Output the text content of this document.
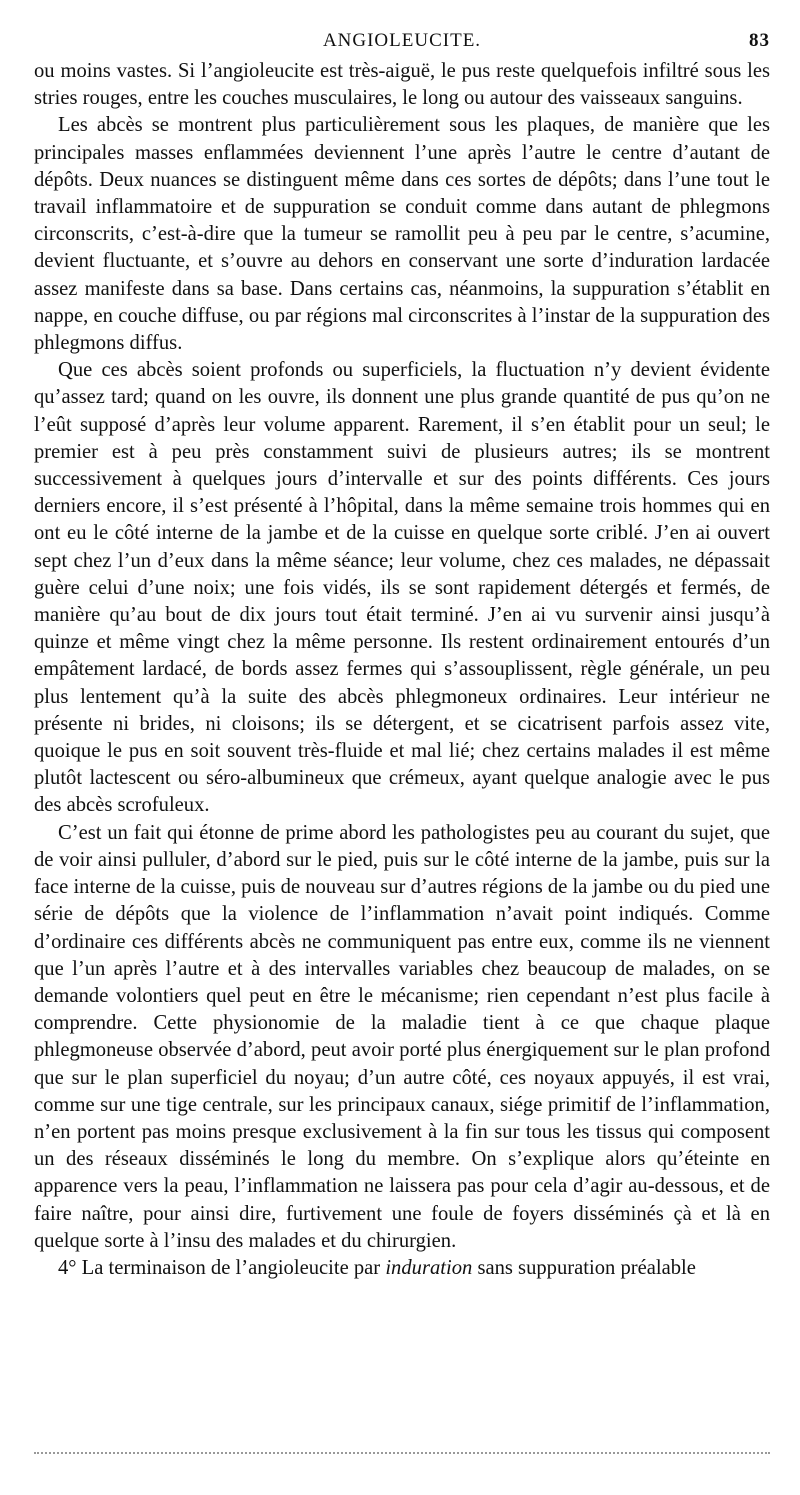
ANGIOLEUCITE.	83

ou moins vastes. Si l’angioleucite est très-aiguë, le pus reste quelquefois infiltré sous les stries rouges, entre les couches musculaires, le long ou autour des vaisseaux sanguins.

Les abcès se montrent plus particulièrement sous les plaques, de manière que les principales masses enflammées deviennent l’une après l’autre le centre d’autant de dépôts. Deux nuances se distinguent même dans ces sortes de dépôts; dans l’une tout le travail inflammatoire et de suppuration se conduit comme dans autant de phlegmons circonscrits, c’est-à-dire que la tumeur se ramollit peu à peu par le centre, s’acumine, devient fluctuante, et s’ouvre au dehors en conservant une sorte d’induration lardacée assez manifeste dans sa base. Dans certains cas, néanmoins, la suppuration s’établit en nappe, en couche diffuse, ou par régions mal circonscrites à l’instar de la suppuration des phlegmons diffus.

Que ces abcès soient profonds ou superficiels, la fluctuation n’y devient évidente qu’assez tard; quand on les ouvre, ils donnent une plus grande quantité de pus qu’on ne l’eût supposé d’après leur volume apparent. Rarement, il s’en établit pour un seul; le premier est à peu près constamment suivi de plusieurs autres; ils se montrent successivement à quelques jours d’intervalle et sur des points différents. Ces jours derniers encore, il s’est présenté à l’hôpital, dans la même semaine trois hommes qui en ont eu le côté interne de la jambe et de la cuisse en quelque sorte criblé. J’en ai ouvert sept chez l’un d’eux dans la même séance; leur volume, chez ces malades, ne dépassait guère celui d’une noix; une fois vidés, ils se sont rapidement détergés et fermés, de manière qu’au bout de dix jours tout était terminé. J’en ai vu survenir ainsi jusqu’à quinze et même vingt chez la même personne. Ils restent ordinairement entourés d’un empâtement lardacé, de bords assez fermes qui s’assouplissent, règle générale, un peu plus lentement qu’à la suite des abcès phlegmoneux ordinaires. Leur intérieur ne présente ni brides, ni cloisons; ils se détergent, et se cicatrisent parfois assez vite, quoique le pus en soit souvent très-fluide et mal lié; chez certains malades il est même plutôt lactescent ou séro-albumineux que crémeux, ayant quelque analogie avec le pus des abcès scrofuleux.

C’est un fait qui étonne de prime abord les pathologistes peu au courant du sujet, que de voir ainsi pulluler, d’abord sur le pied, puis sur le côté interne de la jambe, puis sur la face interne de la cuisse, puis de nouveau sur d’autres régions de la jambe ou du pied une série de dépôts que la violence de l’inflammation n’avait point indiqués. Comme d’ordinaire ces différents abcès ne communiquent pas entre eux, comme ils ne viennent que l’un après l’autre et à des intervalles variables chez beaucoup de malades, on se demande volontiers quel peut en être le mécanisme; rien cependant n’est plus facile à comprendre. Cette physionomie de la maladie tient à ce que chaque plaque phlegmoneuse observée d’abord, peut avoir porté plus énergiquement sur le plan profond que sur le plan superficiel du noyau; d’un autre côté, ces noyaux appuyés, il est vrai, comme sur une tige centrale, sur les principaux canaux, siége primitif de l’inflammation, n’en portent pas moins presque exclusivement à la fin sur tous les tissus qui composent un des réseaux disséminés le long du membre. On s’explique alors qu’éteinte en apparence vers la peau, l’inflammation ne laissera pas pour cela d’agir au-dessous, et de faire naître, pour ainsi dire, furtivement une foule de foyers disséminés çà et là en quelque sorte à l’insu des malades et du chirurgien.

4° La terminaison de l’angioleucite par induration sans suppuration préalable
